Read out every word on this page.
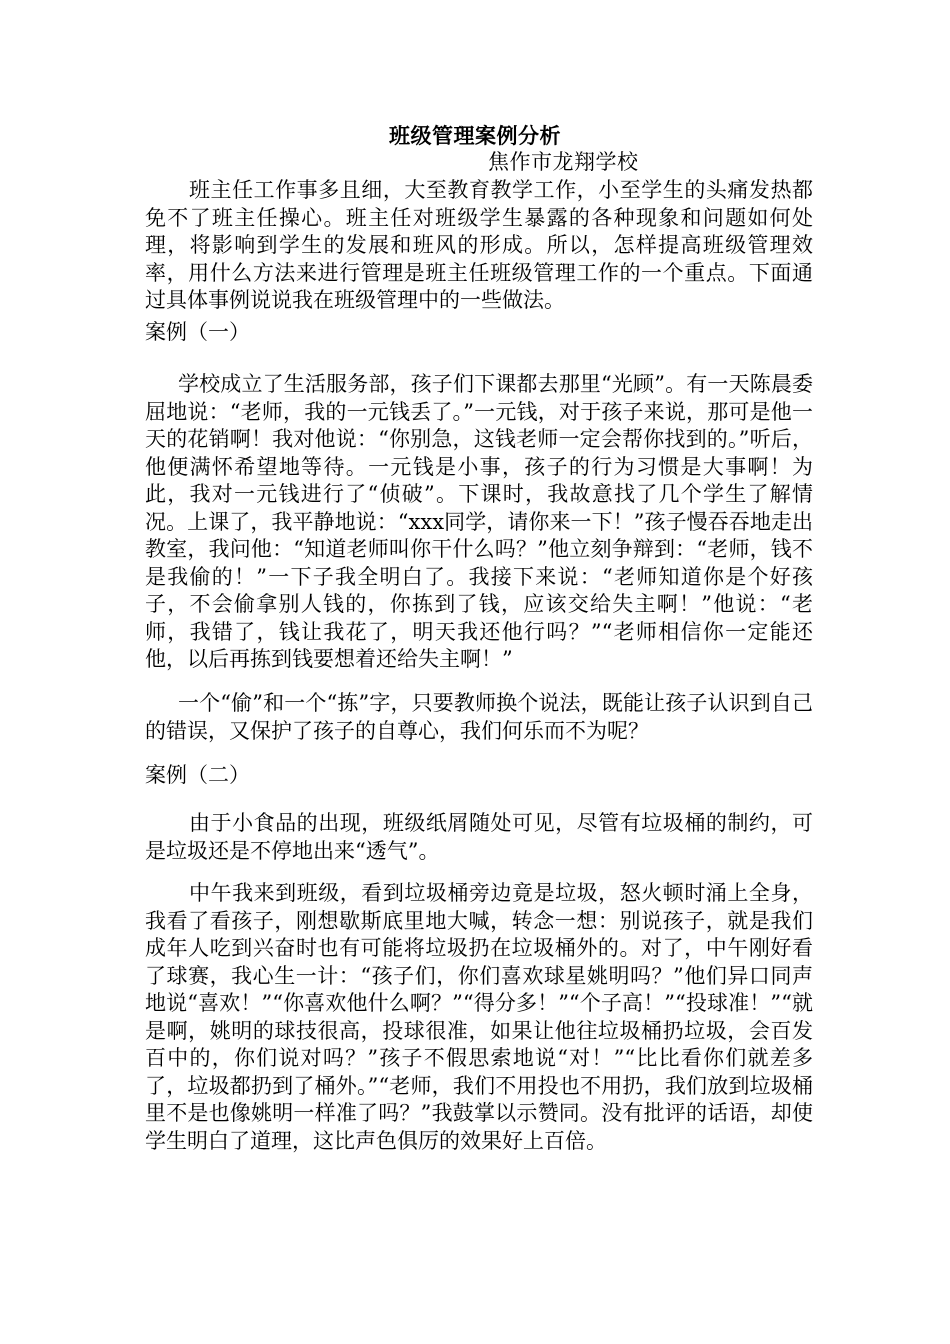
班级管理案例分析
焦作市龙翔学校
班主任工作事多且细，大至教育教学工作，小至学生的头痛发热都免不了班主任操心。班主任对班级学生暴露的各种现象和问题如何处理，将影响到学生的发展和班风的形成。所以，怎样提高班级管理效率，用什么方法来进行管理是班主任班级管理工作的一个重点。下面通过具体事例说说我在班级管理中的一些做法。
案例（一）
学校成立了生活服务部，孩子们下课都去那里“光顾”。有一天陈晨委屈地说：“老师，我的一元钱丢了。”一元钱，对于孩子来说，那可是他一天的花销啊！我对他说：“你别急，这钱老师一定会帮你找到的。”听后，他便满怀希望地等待。一元钱是小事，孩子的行为习惯是大事啊！为此，我对一元钱进行了“侦破”。下课时，我故意找了几个学生了解情况。上课了，我平静地说：“xxx同学，请你来一下！”孩子慢吞吞地走出教室，我问他：“知道老师叫你干什么吗？”他立刻争辩到：“老师，钱不是我偷的！”一下子我全明白了。我接下来说：“老师知道你是个好孩子，不会偷拿别人钱的，你拣到了钱，应该交给失主啊！”他说：“老师，我错了，钱让我花了，明天我还他行吗？”“老师相信你一定能还他，以后再拣到钱要想着还给失主啊！”
一个“偷”和一个“拣”字，只要教师换个说法，既能让孩子认识到自己的错误，又保护了孩子的自尊心，我们何乐而不为呢？
案例（二）
由于小食品的出现，班级纸屑随处可见，尽管有垃圾桶的制约，可是垃圾还是不停地出来“透气”。
中午我来到班级，看到垃圾桶旁边竟是垃圾，怒火顿时涌上全身，我看了看孩子，刚想歇斯底里地大喊，转念一想：别说孩子，就是我们成年人吃到兴奋时也有可能将垃圾扔在垃圾桶外的。对了，中午刚好看了球赛，我心生一计：“孩子们，你们喜欢球星姚明吗？”他们异口同声地说“喜欢！”“你喜欢他什么啊？”“得分多！”“个子高！”“投球准！”“就是啊，姚明的球技很高，投球很准，如果让他往垃圾桶扔垃圾，会百发百中的，你们说对吗？”孩子不假思索地说“对！”“比比看你们就差多了，垃圾都扔到了桶外。”“老师，我们不用投也不用扔，我们放到垃圾桶里不是也像姚明一样准了吗？”我鼓掌以示赞同。没有批评的话语，却使学生明白了道理，这比声色俱厉的效果好上百倍。
